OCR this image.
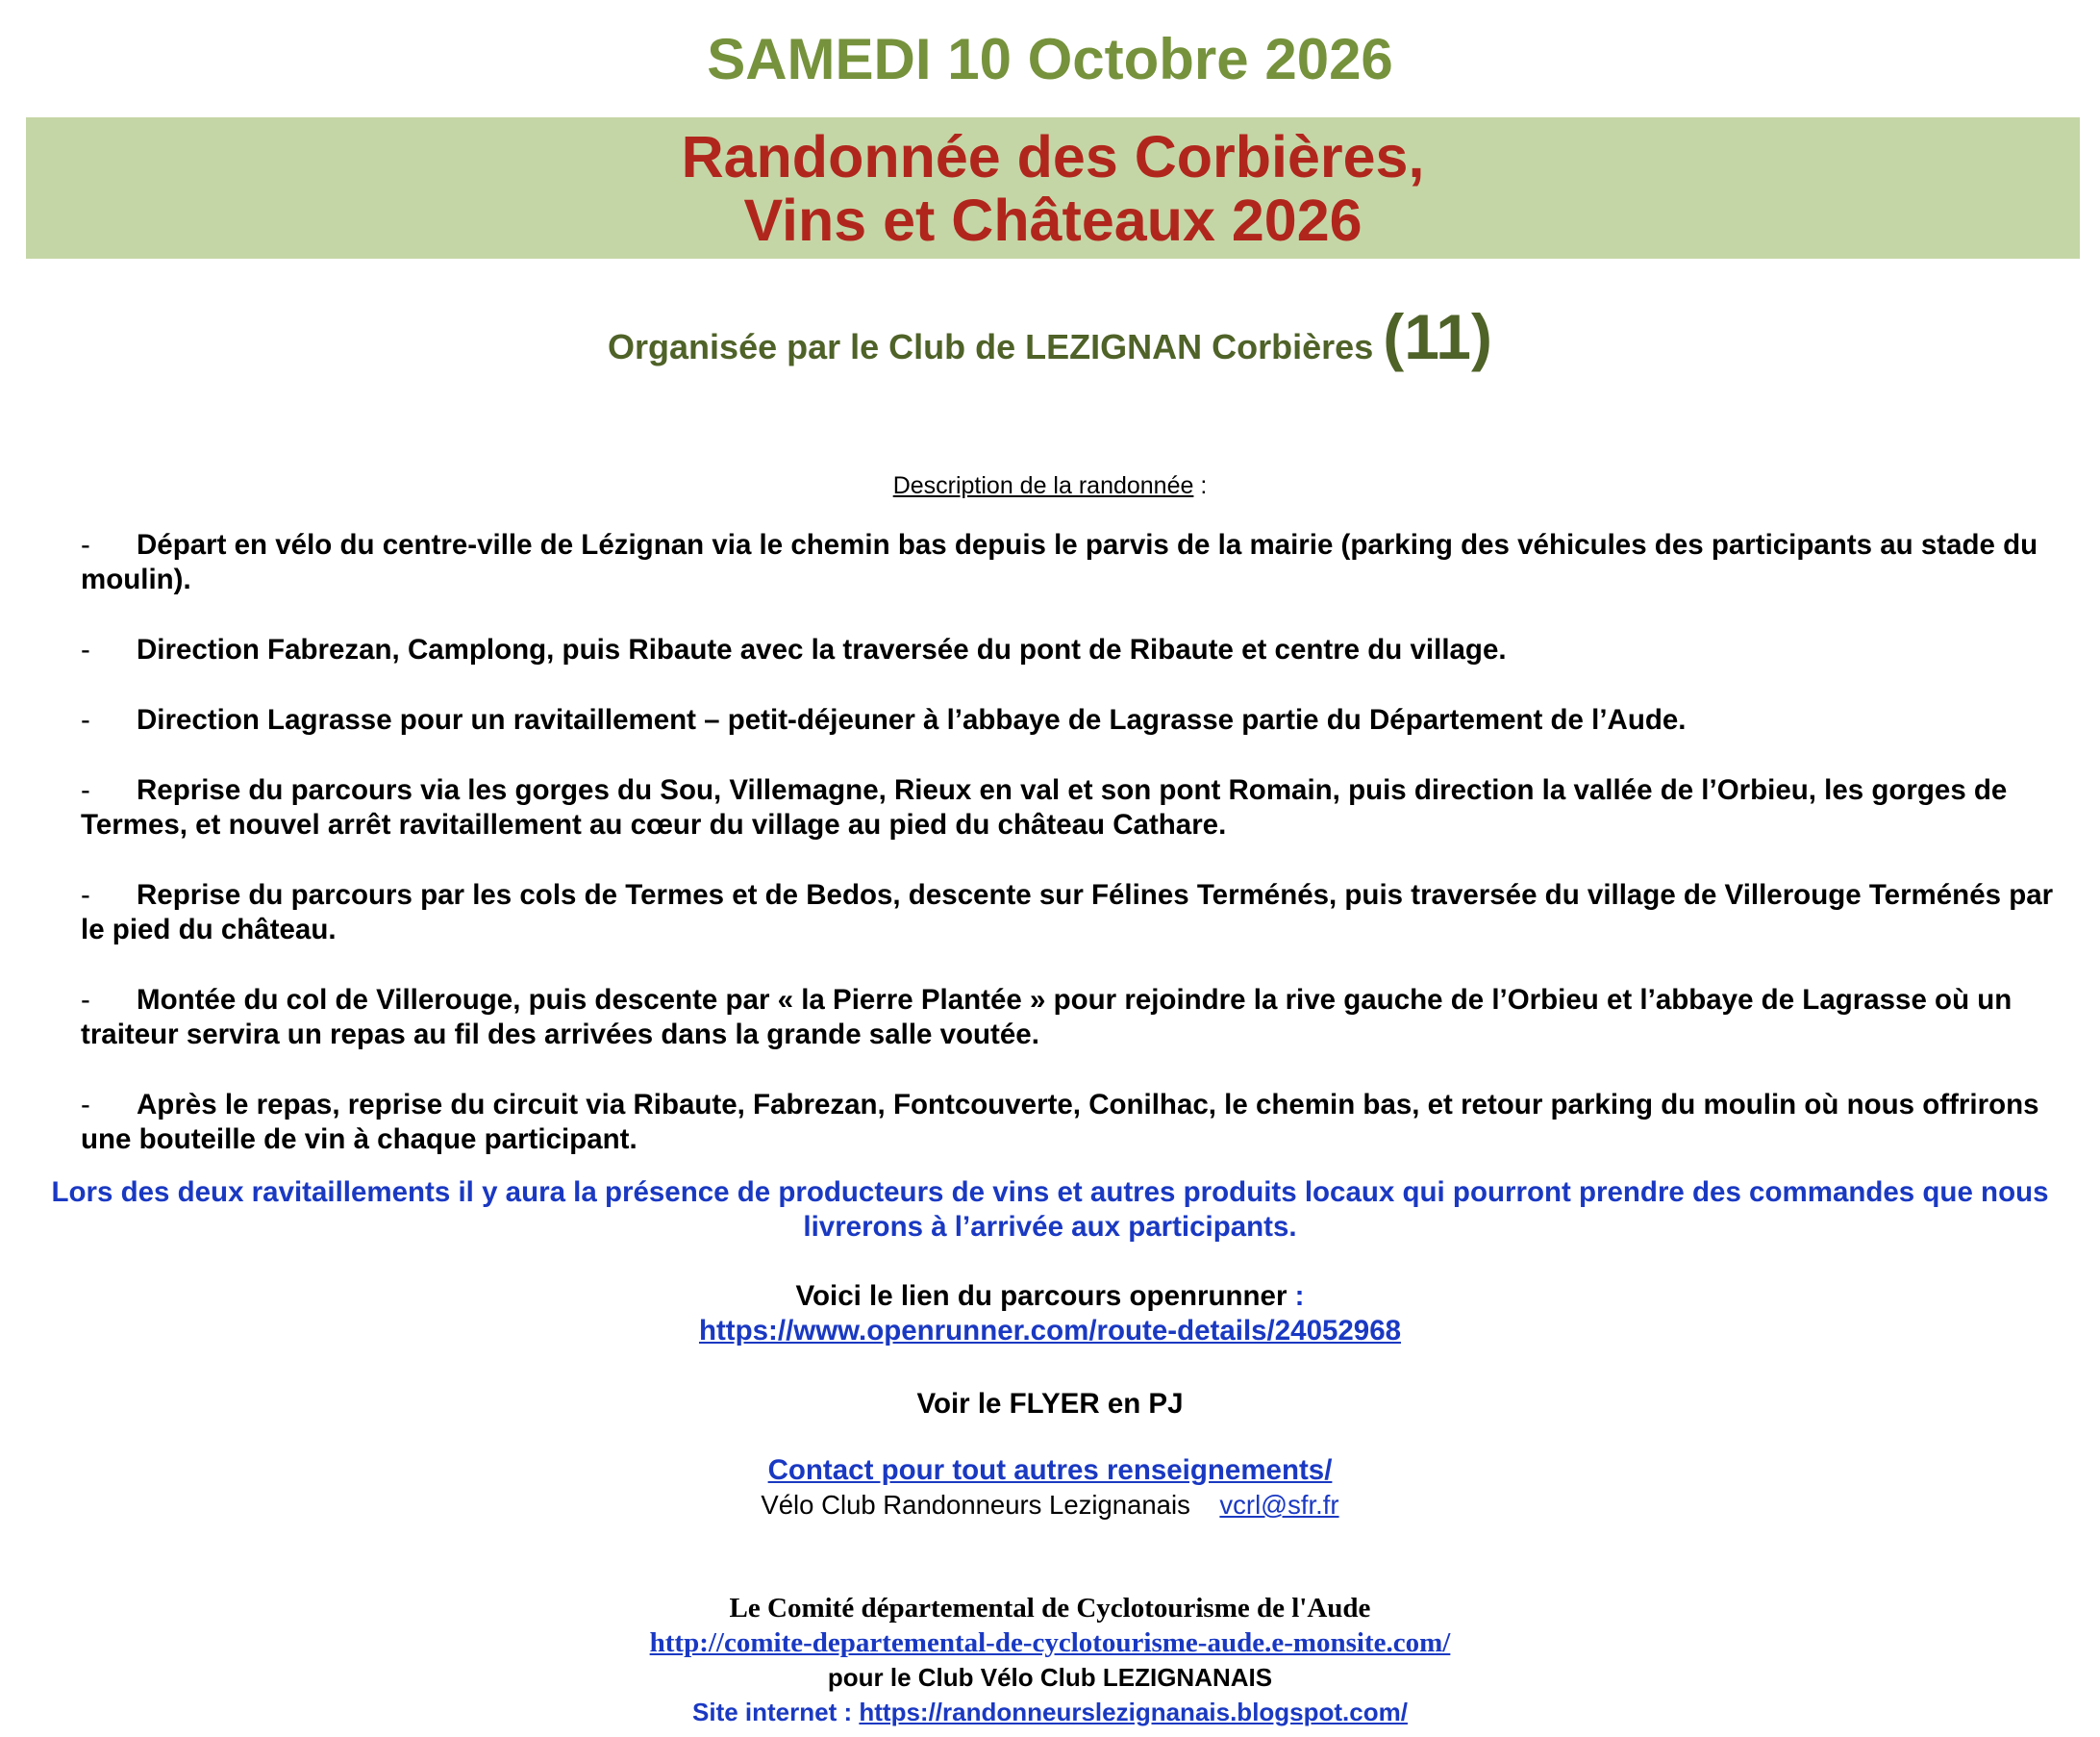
SAMEDI 10 Octobre 2026
Randonnée des Corbières,
Vins et Châteaux 2026
Organisée par le Club de LEZIGNAN Corbières (11)
Description de la randonnée :
- Départ en vélo du centre-ville de Lézignan via le chemin bas depuis le parvis de la mairie (parking des véhicules des participants au stade du moulin).
- Direction Fabrezan, Camplong, puis Ribaute avec la traversée du pont de Ribaute et centre du village.
- Direction Lagrasse pour un ravitaillement – petit-déjeuner à l’abbaye de Lagrasse partie du Département de l’Aude.
- Reprise du parcours via les gorges du Sou, Villemagne, Rieux en val et son pont Romain, puis direction la vallée de l’Orbieu, les gorges de Termes, et nouvel arrêt ravitaillement au cœur du village au pied du château Cathare.
- Reprise du parcours par les cols de Termes et de Bedos, descente sur Félines Terménés, puis traversée du village de Villerouge Terménés par le pied du château.
- Montée du col de Villerouge, puis descente par « la Pierre Plantée » pour rejoindre la rive gauche de l’Orbieu et l’abbaye de Lagrasse où un traiteur servira un repas au fil des arrivées dans la grande salle voutée.
- Après le repas, reprise du circuit via Ribaute, Fabrezan, Fontcouverte, Conilhac, le chemin bas, et retour parking du moulin où nous offrirons une bouteille de vin à chaque participant.
Lors des deux ravitaillements il y aura la présence de producteurs de vins et autres produits locaux qui pourront prendre des commandes que nous livrerons à l’arrivée aux participants.
Voici le lien du parcours openrunner :
https://www.openrunner.com/route-details/24052968
Voir le FLYER en PJ
Contact pour tout autres renseignements/
Vélo Club Randonneurs Lezignanais vcrl@sfr.fr
Le Comité départemental de Cyclotourisme de l'Aude
http://comite-departemental-de-cyclotourisme-aude.e-monsite.com/
pour le Club Vélo Club LEZIGNANAIS
Site internet : https://randonneurslezignanais.blogspot.com/
